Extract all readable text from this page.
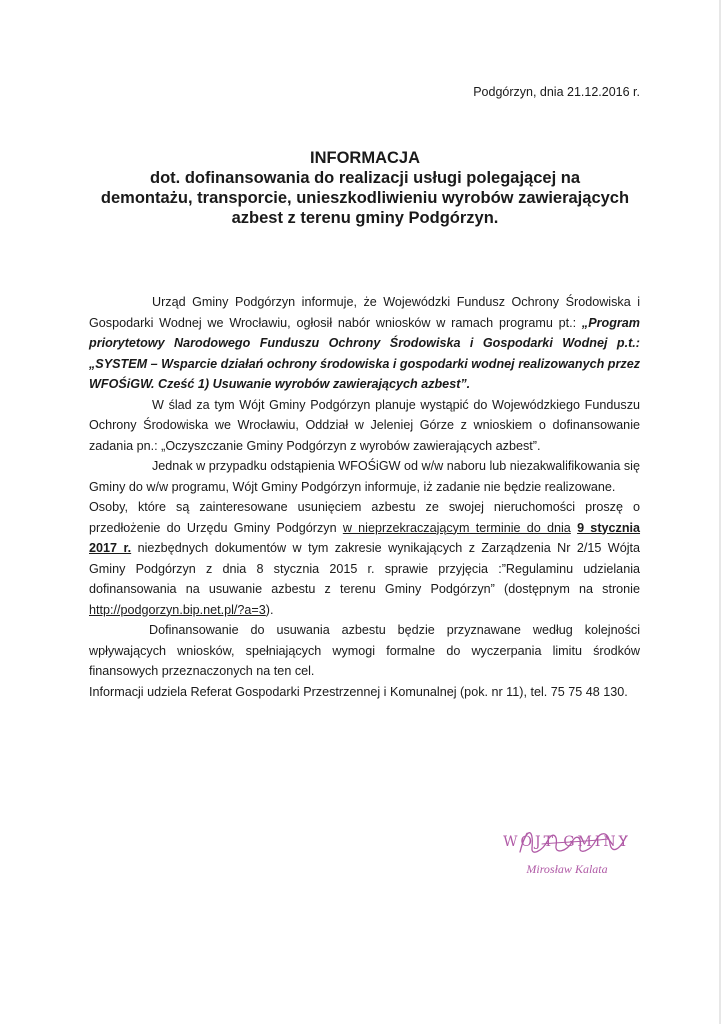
Podgórzyn, dnia 21.12.2016 r.
INFORMACJA
dot. dofinansowania do realizacji usługi polegającej na
demontażu, transporcie, unieszkodliwieniu wyrobów zawierających
azbest z terenu gminy Podgórzyn.

Urząd Gminy Podgórzyn informuje, że Wojewódzki Fundusz Ochrony Środowiska i Gospodarki Wodnej we Wrocławiu, ogłosił nabór wniosków w ramach programu pt.: „Program priorytetowy Narodowego Funduszu Ochrony Środowiska i Gospodarki Wodnej p.t.: „SYSTEM – Wsparcie działań ochrony środowiska i gospodarki wodnej realizowanych przez WFOŚiGW. Cześć 1) Usuwanie wyrobów zawierających azbest”.

W ślad za tym Wójt Gminy Podgórzyn planuje wystąpić do Wojewódzkiego Funduszu Ochrony Środowiska we Wrocławiu, Oddział w Jeleniej Górze z wnioskiem o dofinansowanie zadania pn.: „Oczyszczanie Gminy Podgórzyn z wyrobów zawierających azbest”.

Jednak w przypadku odstąpienia WFOŚiGW od w/w naboru lub niezakwalifikowania się Gminy do w/w programu, Wójt Gminy Podgórzyn informuje, iż zadanie nie będzie realizowane.

Osoby, które są zainteresowane usunięciem azbestu ze swojej nieruchomości proszę o przedłożenie do Urzędu Gminy Podgórzyn w nieprzekraczającym terminie do dnia 9 stycznia 2017 r. niezbędnych dokumentów w tym zakresie wynikających z Zarządzenia Nr 2/15 Wójta Gminy Podgórzyn z dnia 8 stycznia 2015 r. sprawie przyjęcia :”Regulaminu udzielania dofinansowania na usuwanie azbestu z terenu Gminy Podgórzyn” (dostępnym na stronie http://podgorzyn.bip.net.pl/?a=3).

Dofinansowanie do usuwania azbestu będzie przyznawane według kolejności wpływających wniosków, spełniających wymogi formalne do wyczerpania limitu środków finansowych przeznaczonych na ten cel.

Informacji udziela Referat Gospodarki Przestrzennej i Komunalnej (pok. nr 11), tel. 75 75 48 130.

WÓJT GMINY
Mirosław Kalata
